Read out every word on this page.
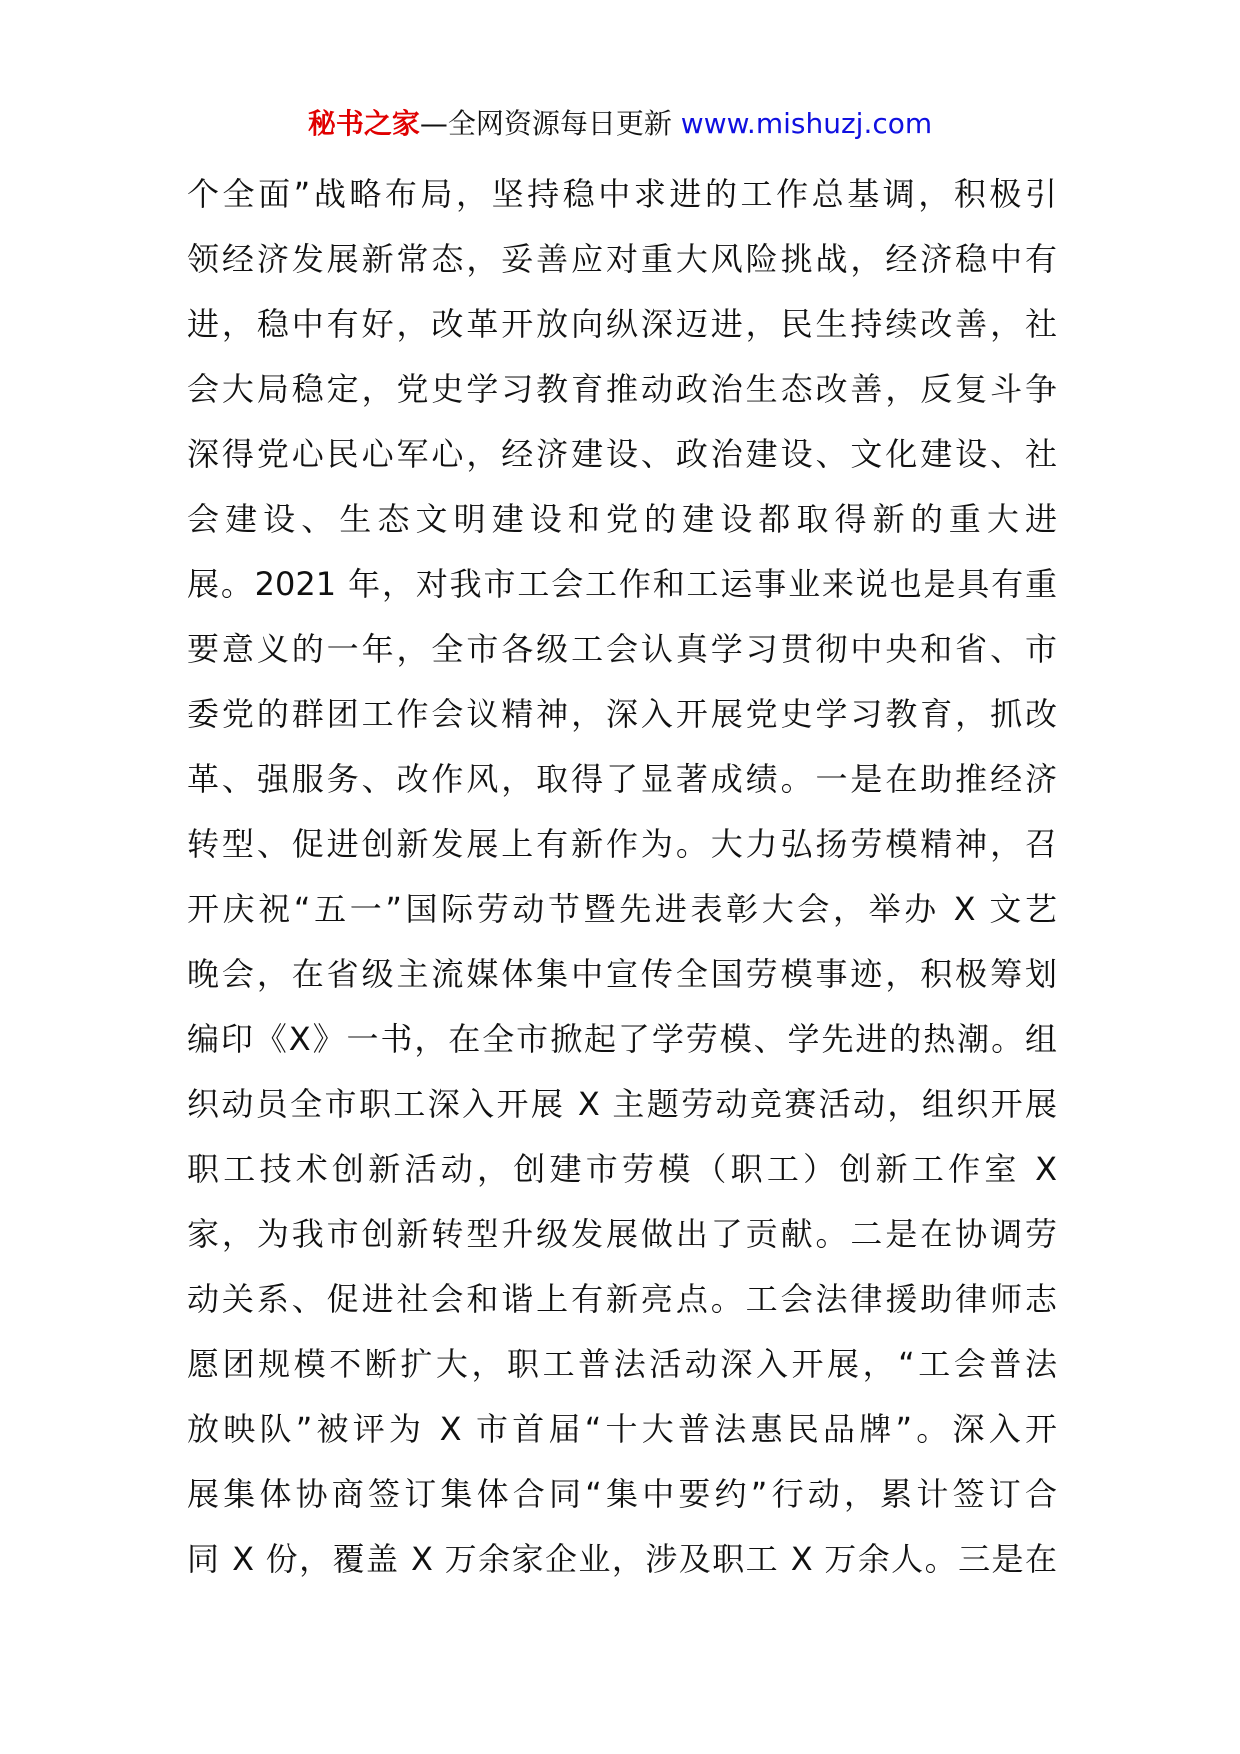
秘书之家—全网资源每日更新 www.mishuzj.com
个全面”战略布局，坚持稳中求进的工作总基调，积极引
领经济发展新常态，妥善应对重大风险挑战，经济稳中有
进，稳中有好，改革开放向纵深迈进，民生持续改善，社
会大局稳定，党史学习教育推动政治生态改善，反复斗争
深得党心民心军心，经济建设、政治建设、文化建设、社
会建设、生态文明建设和党的建设都取得新的重大进
展。2021 年，对我市工会工作和工运事业来说也是具有重
要意义的一年，全市各级工会认真学习贯彻中央和省、市
委党的群团工作会议精神，深入开展党史学习教育，抓改
革、强服务、改作风，取得了显著成绩。一是在助推经济
转型、促进创新发展上有新作为。大力弘扬劳模精神，召
开庆祝“五一”国际劳动节暨先进表彰大会，举办 X 文艺
晚会，在省级主流媒体集中宣传全国劳模事迹，积极筹划
编印《X》一书，在全市掀起了学劳模、学先进的热潮。组
织动员全市职工深入开展 X 主题劳动竞赛活动，组织开展
职工技术创新活动，创建市劳模（职工）创新工作室 X
家，为我市创新转型升级发展做出了贡献。二是在协调劳
动关系、促进社会和谐上有新亮点。工会法律援助律师志
愿团规模不断扩大，职工普法活动深入开展，“工会普法
放映队”被评为 X 市首届“十大普法惠民品牌”。深入开
展集体协商签订集体合同“集中要约”行动，累计签订合
同 X 份，覆盖 X 万余家企业，涉及职工 X 万余人。三是在
